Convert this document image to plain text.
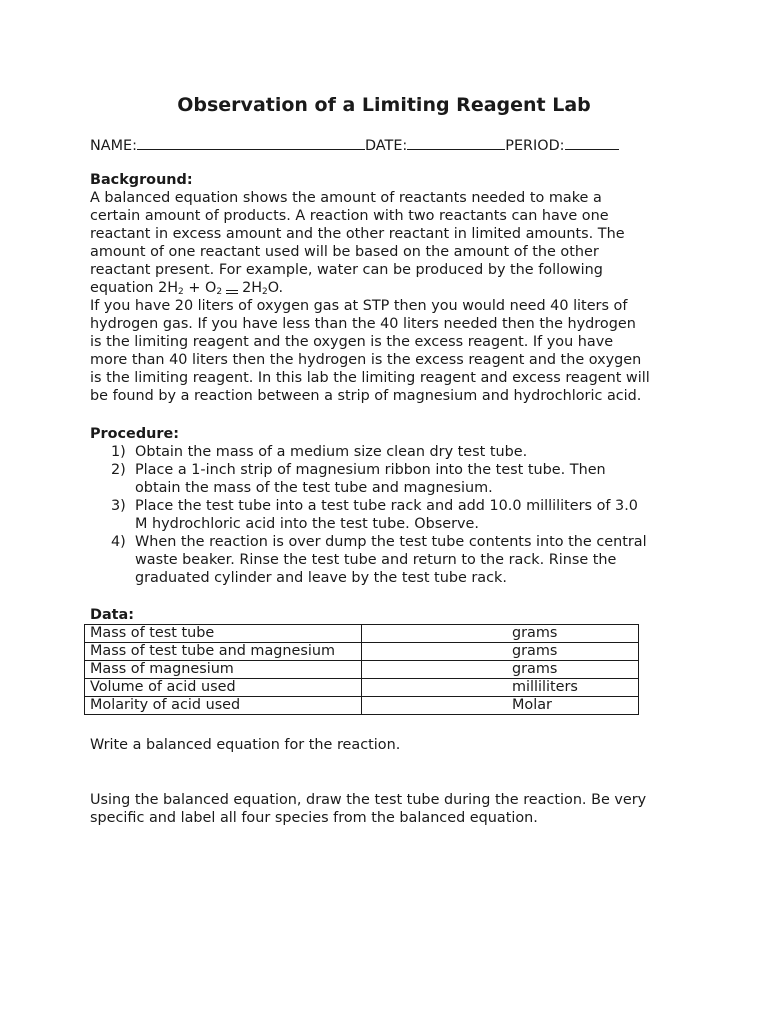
Observation of a Limiting Reagent Lab
NAME:	DATE:	PERIOD:
Background:
A balanced equation shows the amount of reactants needed to make a
certain amount of products. A reaction with two reactants can have one
reactant in excess amount and the other reactant in limited amounts. The
amount of one reactant used will be based on the amount of the other
reactant present. For example, water can be produced by the following
equation $2H_2 + O_2$ $2H_2O$.
If you have 20 liters of oxygen gas at STP then you would need 40 liters of
hydrogen gas. If you have less than the 40 liters needed then the hydrogen
is the limiting reagent and the oxygen is the excess reagent. If you have
more than 40 liters then the hydrogen is the excess reagent and the oxygen
is the limiting reagent. In this lab the limiting reagent and excess reagent will
be found by a reaction between a strip of magnesium and hydrochloric acid.
Procedure:
1) Obtain the mass of a medium size clean dry test tube.
2) Place a 1-inch strip of magnesium ribbon into the test tube. Then
obtain the mass of the test tube and magnesium.
3) Place the test tube into a test tube rack and add 10.0 milliliters of 3.0
M hydrochloric acid into the test tube. Observe.
4) When the reaction is over dump the test tube contents into the central
waste beaker. Rinse the test tube and return to the rack. Rinse the
graduated cylinder and leave by the test tube rack.
Data:
Mass of test tube	grams
Mass of test tube and magnesium	grams
Mass of magnesium	grams
Volume of acid used	milliliters
Molarity of acid used	Molar
Write a balanced equation for the reaction.
Using the balanced equation, draw the test tube during the reaction. Be very
specific and label all four species from the balanced equation.
